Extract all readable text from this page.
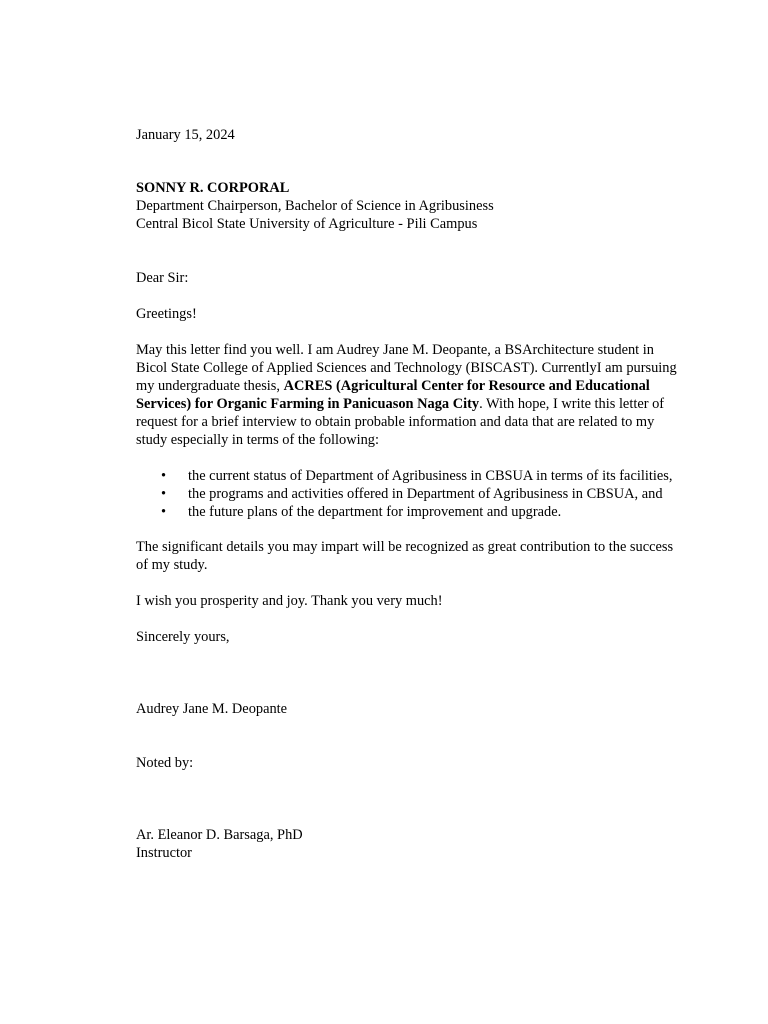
January 15, 2024

SONNY R. CORPORAL

Department Chairperson, Bachelor of Science in Agribusiness

Central Bicol State University of Agriculture - Pili Campus

Dear Sir:

Greetings!

May this letter find you well. I am Audrey Jane M. Deopante, a BSArchitecture student in Bicol State College of Applied Sciences and Technology (BISCAST). CurrentlyI am pursuing my undergraduate thesis, ACRES (Agricultural Center for Resource and Educational Services) for Organic Farming in Panicuason Naga City. With hope, I write this letter of request for a brief interview to obtain probable information and data that are related to my study especially in terms of the following:

• the current status of Department of Agribusiness in CBSUA in terms of its facilities,
• the programs and activities offered in Department of Agribusiness in CBSUA, and
• the future plans of the department for improvement and upgrade.

The significant details you may impart will be recognized as great contribution to the success of my study.

I wish you prosperity and joy. Thank you very much!

Sincerely yours,

Audrey Jane M. Deopante

Noted by:

Ar. Eleanor D. Barsaga, PhD

Instructor
